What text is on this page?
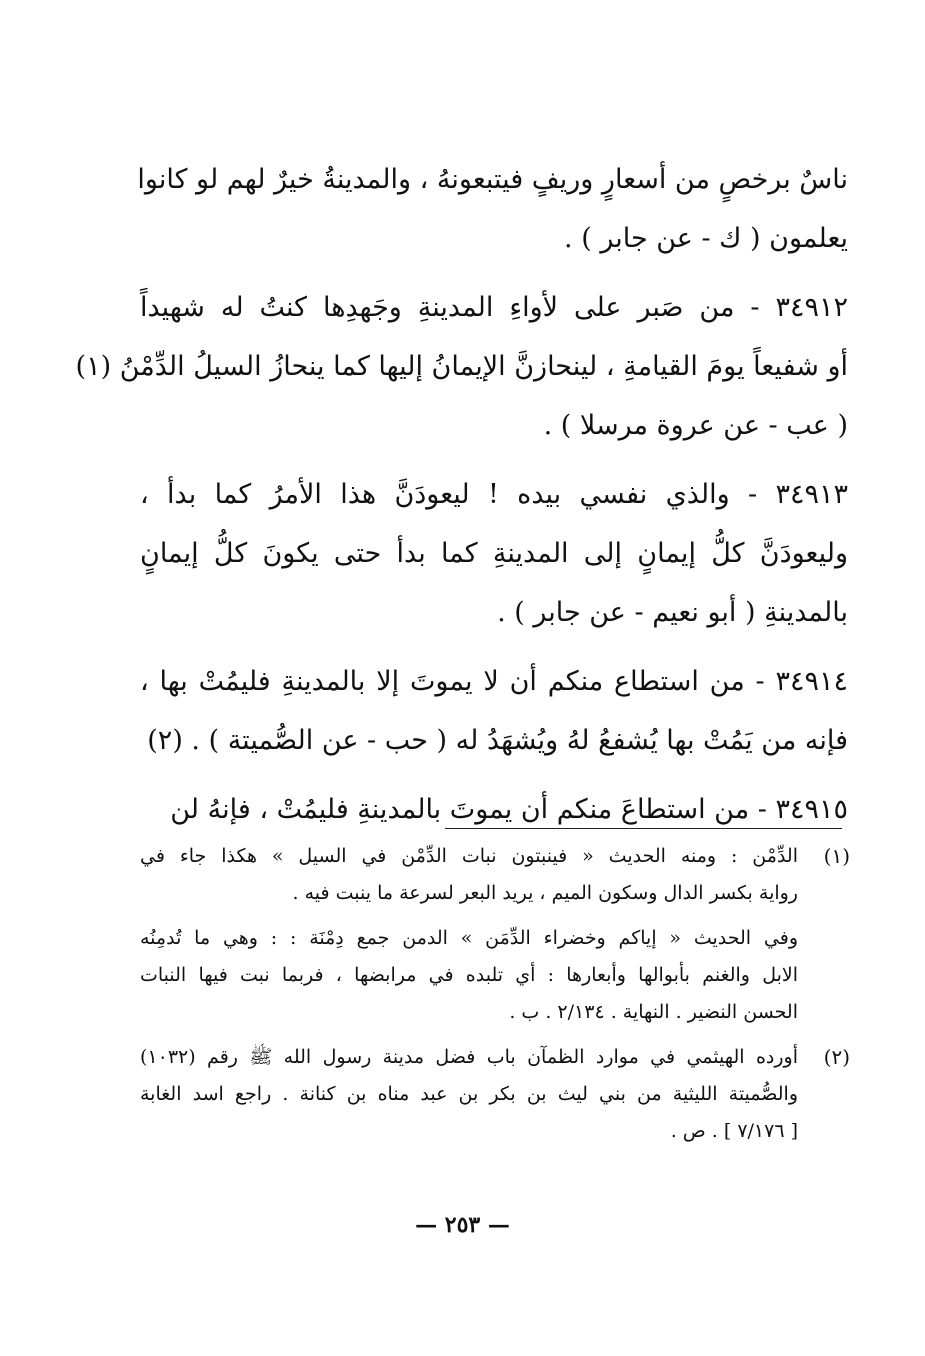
ناسٌ برخصٍ من أسعارٍ وريفٍ فيتبعونهُ ، والمدينةُ خيرٌ لهم لو كانوا
يعلمون ( ك - عن جابر ) .
٣٤٩١٢ - من صَبر على لأواءِ المدينةِ وجَهدِها كنتُ له شهيداً
أو شفيعاً يومَ القيامةِ ، لينحازنَّ الإيمانُ إليها كما ينحازُ السيلُ الدِّمْنُ (١)
( عب - عن عروة مرسلا ) .
٣٤٩١٣ - والذي نفسي بيده ! ليعودَنَّ هذا الأمرُ كما بدأ ،
وليعودَنَّ كلُّ إيمانٍ إلى المدينةِ كما بدأ حتى يكونَ كلُّ إيمانٍ
بالمدينةِ ( أبو نعيم - عن جابر ) .
٣٤٩١٤ - من استطاع منكم أن لا يموتَ إلا بالمدينةِ فليمُتْ بها ،
فإنه من يَمُتْ بها يُشفعُ لهُ ويُشهَدُ له ( حب - عن الصُّميتة ) . (٢)
٣٤٩١٥ - من استطاعَ منكم أن يموتَ بالمدينةِ فليمُتْ ، فإنهُ لن
(١)
الدِّمْن : ومنه الحديث « فينبتون نبات الدِّمْن في السيل » هكذا جاء في
رواية بكسر الدال وسكون الميم ، يريد البعر لسرعة ما ينبت فيه .
وفي الحديث « إياكم وخضراء الدِّمَن » الدمن جمع دِمْنَة : : وهي ما تُدمِنُه
الابل والغنم بأبوالها وأبعارها : أي تلبده في مرابضها ، فربما نبت فيها النبات
الحسن النضير . النهاية . ٢/١٣٤ . ب .
(٢)
أورده الهيثمي في موارد الظمآن باب فضل مدينة رسول الله ﷺ رقم (١٠٣٢)
والصُّميتة الليثية من بني ليث بن بكر بن عبد مناه بن كنانة . راجع اسد الغابة
[ ٧/١٧٦ ] . ص .
— ٢٥٣ —
